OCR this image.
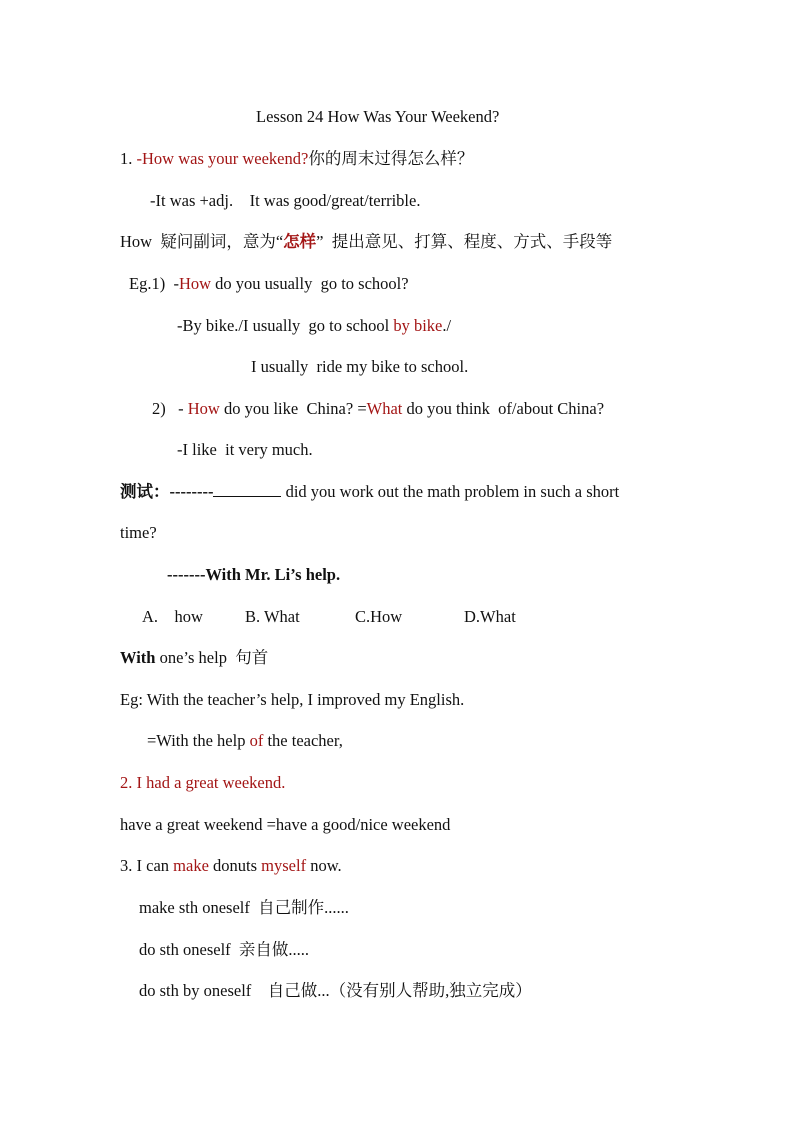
Lesson 24 How Was Your Weekend?
1. -How was your weekend?你的周末过得怎么样？
-It was +adj.    It was good/great/terrible.
How  疑问副词，意为“怎样”  提出意见、打算、程度、方式、手段等
Eg.1)  -How do you usually  go to school?
-By bike./I usually  go to school by bike./
I usually  ride my bike to school.
2)   - How do you like  China? =What do you think  of/about China?
-I like  it very much.
测试：--------	did you work out the math problem in such a short
time?
-------With Mr. Li’s help.
A.    how	B. What	C.How	D.What
With one’s help  句首
Eg: With the teacher’s help, I improved my English.
=With the help of the teacher,
2. I had a great weekend.
have a great weekend =have a good/nice weekend
3. I can make donuts myself now.
make sth oneself  自己制作......
do sth oneself  亲自做.....
do sth by oneself    自己做...（没有别人帮助,独立完成）
